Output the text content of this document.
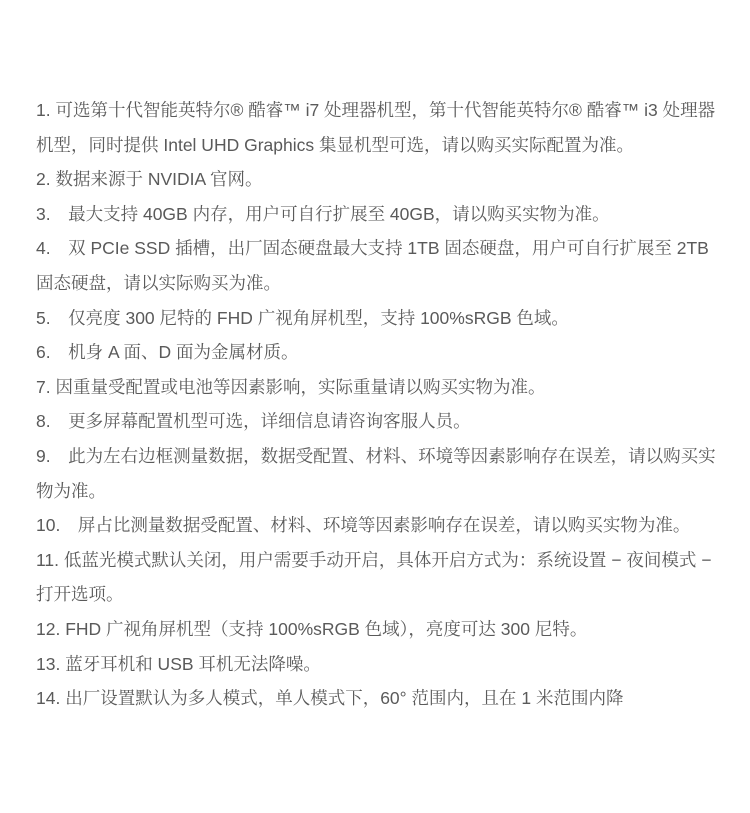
1. 可选第十代智能英特尔® 酷睿™ i7 处理器机型，第十代智能英特尔® 酷睿™ i3 处理器机型，同时提供 Intel UHD Graphics 集显机型可选，请以购买实际配置为准。
2. 数据来源于 NVIDIA 官网。
3.　最大支持 40GB 内存，用户可自行扩展至 40GB，请以购买实物为准。
4.　双 PCIe SSD 插槽，出厂固态硬盘最大支持 1TB 固态硬盘，用户可自行扩展至 2TB 固态硬盘，请以实际购买为准。
5.　仅亮度 300 尼特的 FHD 广视角屏机型，支持 100%sRGB 色域。
6.　机身 A 面、D 面为金属材质。
7. 因重量受配置或电池等因素影响，实际重量请以购买实物为准。
8.　更多屏幕配置机型可选，详细信息请咨询客服人员。
9.　此为左右边框测量数据，数据受配置、材料、环境等因素影响存在误差，请以购买实物为准。
10.　屏占比测量数据受配置、材料、环境等因素影响存在误差，请以购买实物为准。
11. 低蓝光模式默认关闭，用户需要手动开启，具体开启方式为：系统设置 − 夜间模式 − 打开选项。
12. FHD 广视角屏机型（支持 100%sRGB 色域），亮度可达 300 尼特。
13. 蓝牙耳机和 USB 耳机无法降噪。
14. 出厂设置默认为多人模式，单人模式下，60° 范围内，且在 1 米范围内降
